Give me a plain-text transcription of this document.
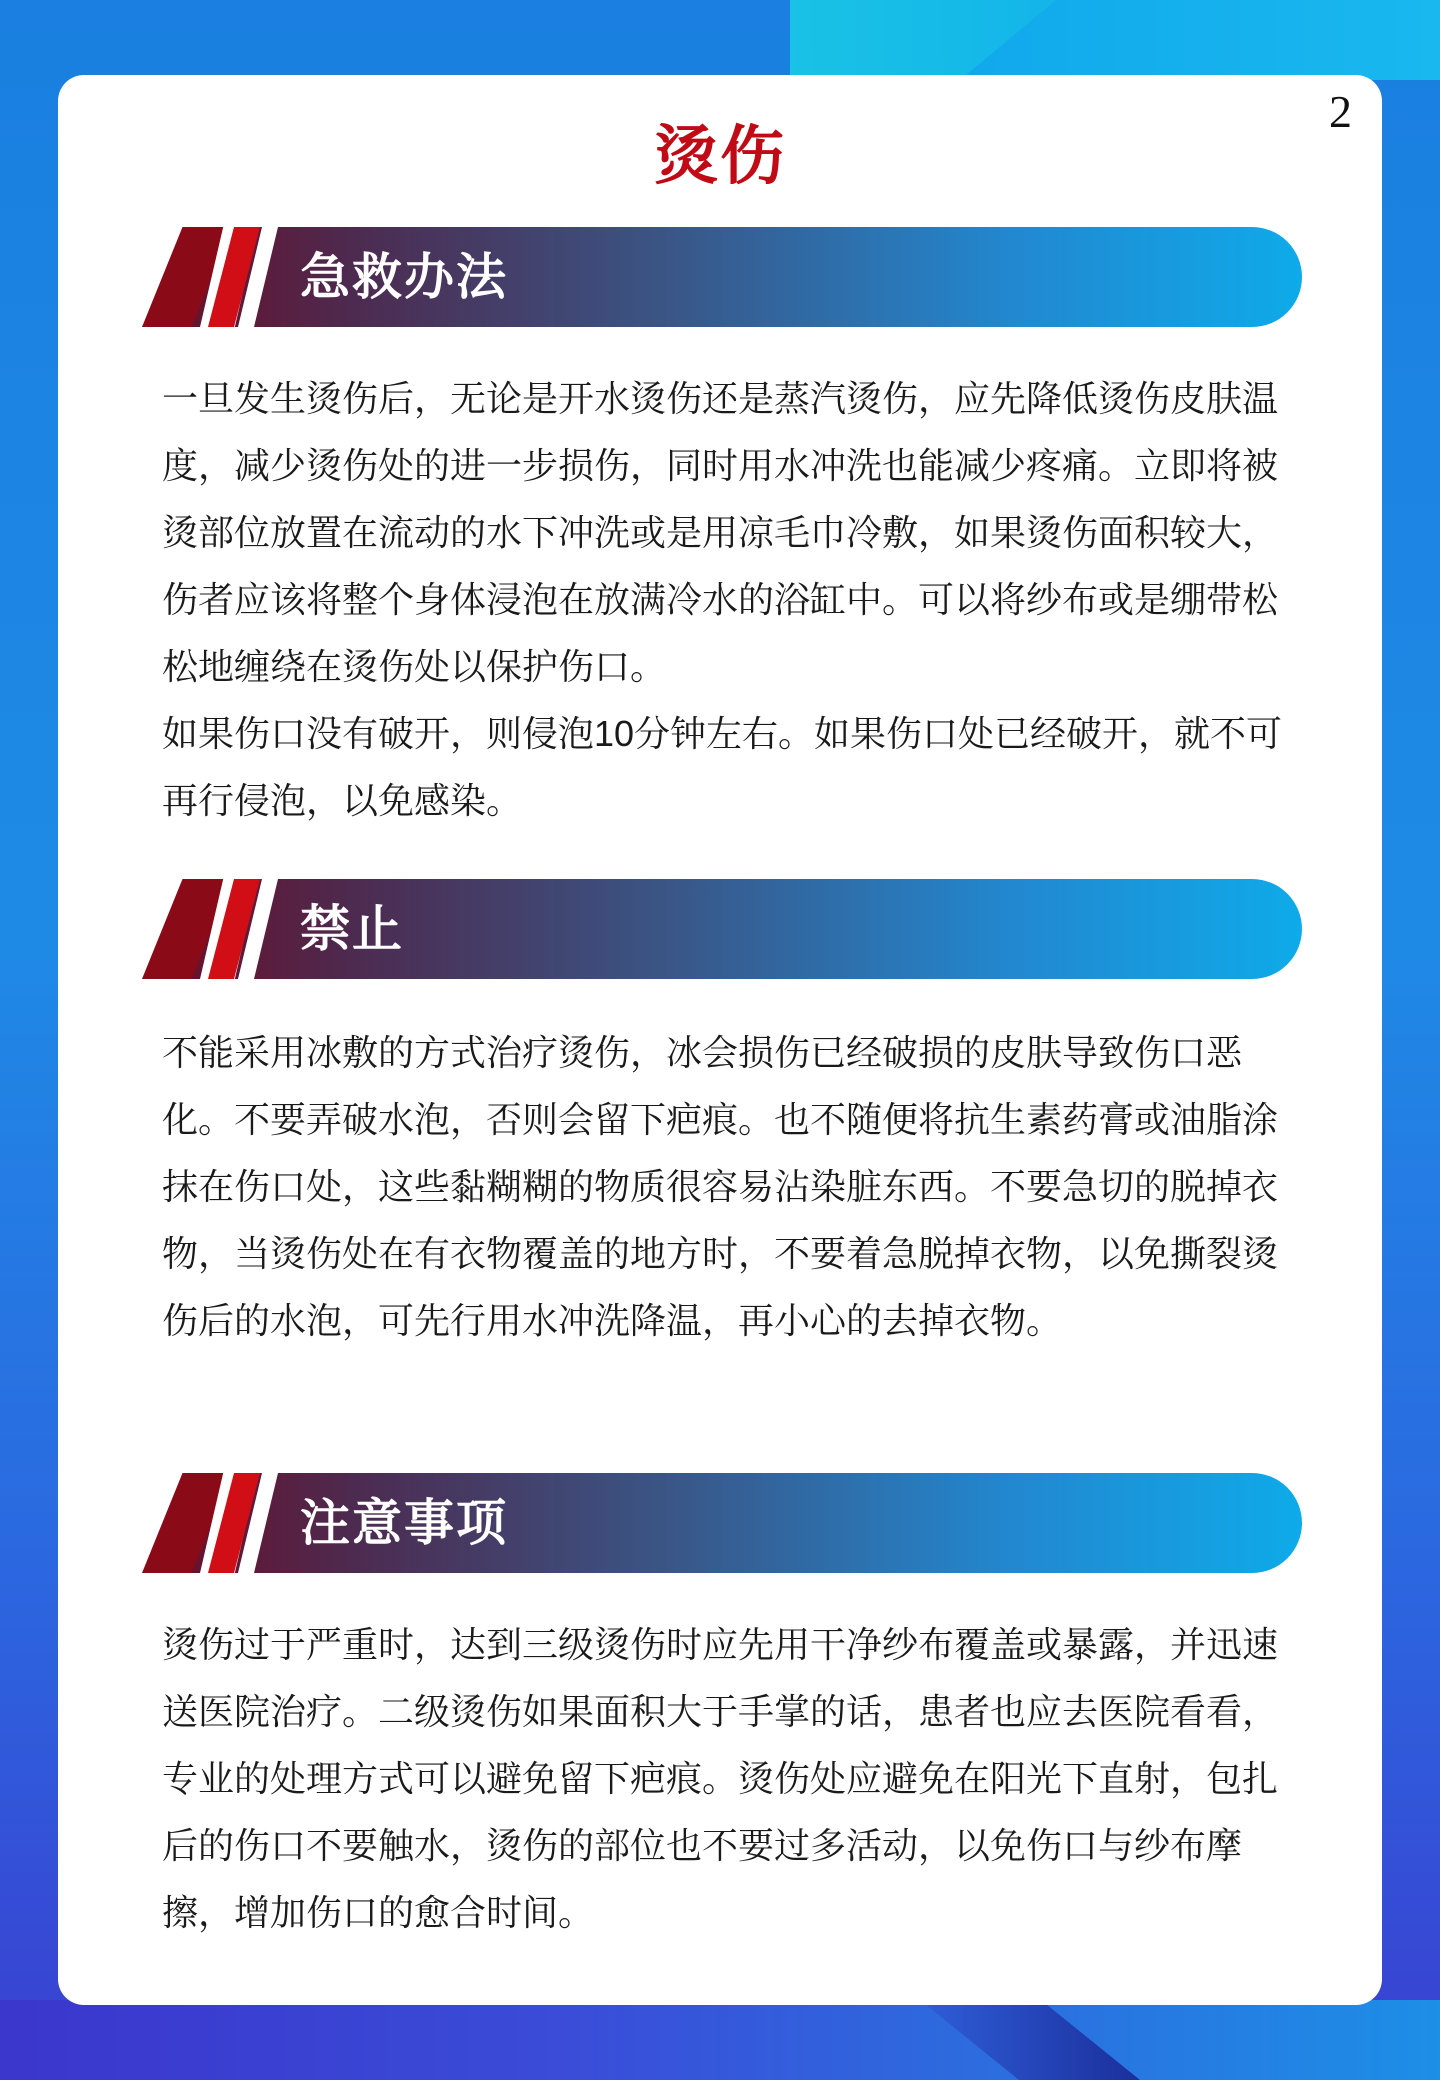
烫伤
急救办法

一旦发生烫伤后，无论是开水烫伤还是蒸汽烫伤，应先降低烫伤皮肤温度，减少烫伤处的进一步损伤，同时用水冲洗也能减少疼痛。立即将被烫部位放置在流动的水下冲洗或是用凉毛巾冷敷，如果烫伤面积较大，伤者应该将整个身体浸泡在放满冷水的浴缸中。可以将纱布或是绷带松松地缠绕在烫伤处以保护伤口。

如果伤口没有破开，则侵泡10分钟左右。如果伤口处已经破开，就不可再行侵泡，以免感染。

禁止

不能采用冰敷的方式治疗烫伤，冰会损伤已经破损的皮肤导致伤口恶化。不要弄破水泡，否则会留下疤痕。也不随便将抗生素药膏或油脂涂抹在伤口处，这些黏糊糊的物质很容易沾染脏东西。不要急切的脱掉衣物，当烫伤处在有衣物覆盖的地方时，不要着急脱掉衣物，以免撕裂烫伤后的水泡，可先行用水冲洗降温，再小心的去掉衣物。

注意事项

烫伤过于严重时，达到三级烫伤时应先用干净纱布覆盖或暴露，并迅速送医院治疗。二级烫伤如果面积大于手掌的话，患者也应去医院看看，专业的处理方式可以避免留下疤痕。烫伤处应避免在阳光下直射，包扎后的伤口不要触水，烫伤的部位也不要过多活动，以免伤口与纱布摩擦，增加伤口的愈合时间。
